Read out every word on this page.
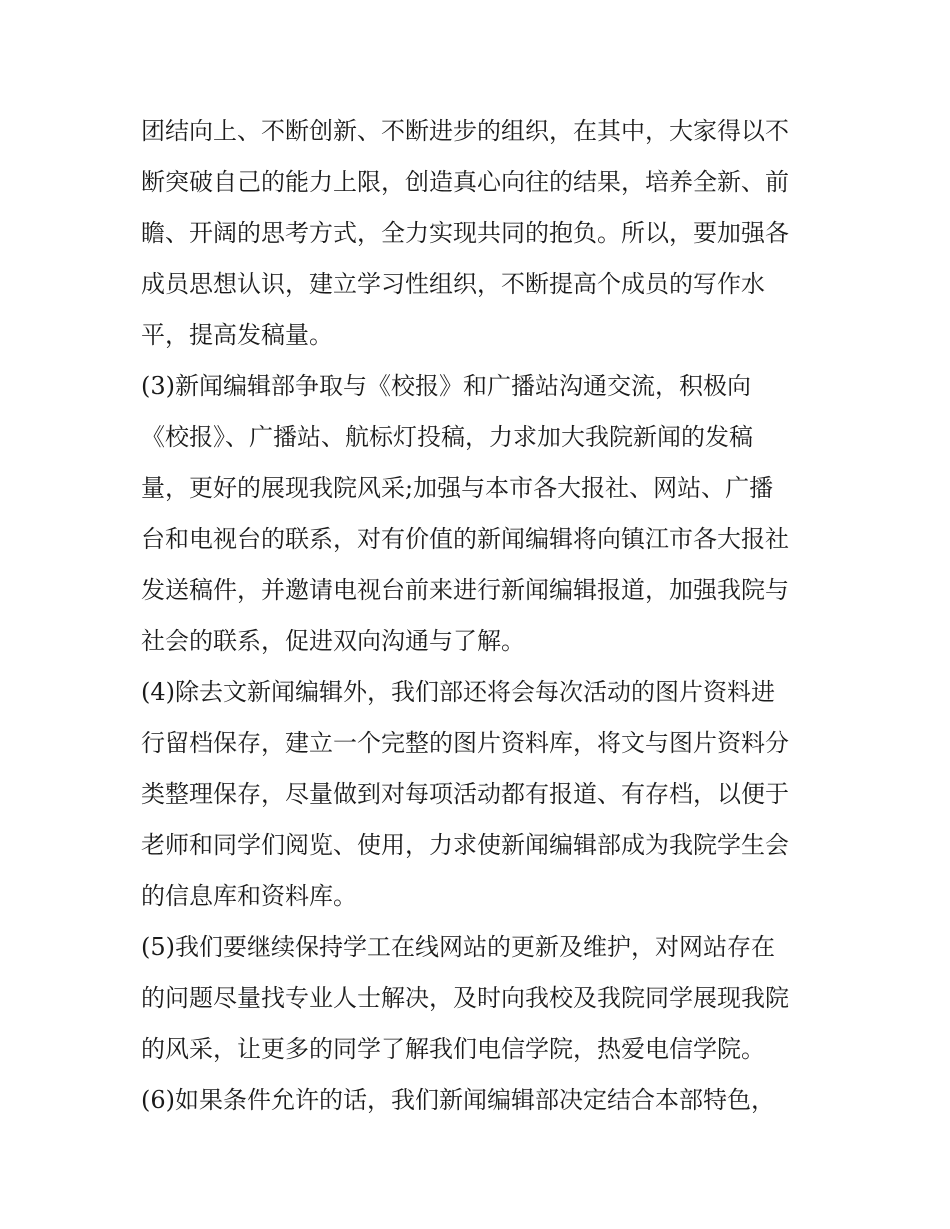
团结向上、不断创新、不断进步的组织，在其中，大家得以不
断突破自己的能力上限，创造真心向往的结果，培养全新、前
瞻、开阔的思考方式，全力实现共同的抱负。所以，要加强各
成员思想认识，建立学习性组织，不断提高个成员的写作水
平，提高发稿量。
(3)新闻编辑部争取与《校报》和广播站沟通交流，积极向
《校报》、广播站、航标灯投稿，力求加大我院新闻的发稿
量，更好的展现我院风采;加强与本市各大报社、网站、广播
台和电视台的联系，对有价值的新闻编辑将向镇江市各大报社
发送稿件，并邀请电视台前来进行新闻编辑报道，加强我院与
社会的联系，促进双向沟通与了解。
(4)除去文新闻编辑外，我们部还将会每次活动的图片资料进
行留档保存，建立一个完整的图片资料库，将文与图片资料分
类整理保存，尽量做到对每项活动都有报道、有存档，以便于
老师和同学们阅览、使用，力求使新闻编辑部成为我院学生会
的信息库和资料库。
(5)我们要继续保持学工在线网站的更新及维护，对网站存在
的问题尽量找专业人士解决，及时向我校及我院同学展现我院
的风采，让更多的同学了解我们电信学院，热爱电信学院。
(6)如果条件允许的话，我们新闻编辑部决定结合本部特色，
